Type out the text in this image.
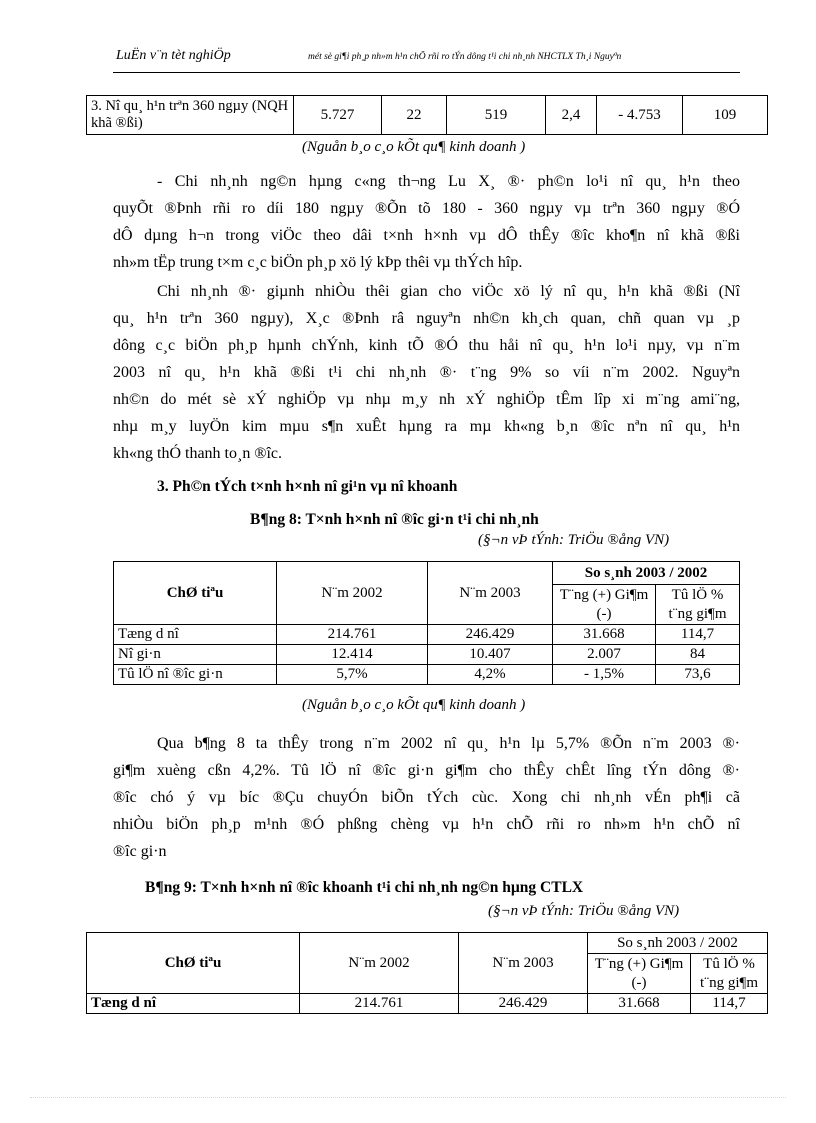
LuËn v¨n tèt nghiÖp	mét sè gi¶i ph¸p nh»m h¹n chÕ rñi ro tÝn dông t¹i chi nh¸nh NHCTLX Th¸i Nguyªn
3. Nî qu¸ h¹n trªn 360 ngµy (NQH khã ®ßi)	5.727	22	519	2,4	- 4.753	109
(Nguån b¸o c¸o kÕt qu¶ kinh doanh )
- Chi nh¸nh ng©n hµng c«ng th¬ng Lu X¸ ®· ph©n lo¹i nî qu¸ h¹n theo
quyÕt ®Þnh rñi ro díi 180 ngµy ®Õn tõ 180 - 360 ngµy vµ trªn 360 ngµy ®Ó
dÔ dµng h¬n trong viÖc theo dâi t×nh h×nh vµ dÔ thÊy ®îc kho¶n nî khã ®ßi
nh»m tËp trung t×m c¸c biÖn ph¸p xö lý kÞp thêi vµ thÝch hîp.
Chi nh¸nh ®· giµnh nhiÒu thêi gian cho viÖc xö lý nî qu¸ h¹n khã ®ßi (Nî
qu¸ h¹n trªn 360 ngµy), X¸c ®Þnh râ nguyªn nh©n kh¸ch quan, chñ quan vµ ¸p
dông c¸c biÖn ph¸p hµnh chÝnh, kinh tÕ ®Ó thu håi nî qu¸ h¹n lo¹i nµy, vµ n¨m
2003 nî qu¸ h¹n khã ®ßi t¹i chi nh¸nh ®· t¨ng 9% so víi n¨m 2002. Nguyªn
nh©n do mét sè xÝ nghiÖp vµ nhµ m¸y nh xÝ nghiÖp tÊm lîp xi m¨ng ami¨ng,
nhµ m¸y luyÖn kim mµu s¶n xuÊt hµng ra mµ kh«ng b¸n ®îc nªn nî qu¸ h¹n
kh«ng thÓ thanh to¸n ®îc.
3. Ph©n tÝch t×nh h×nh nî gi¹n vµ nî khoanh
B¶ng 8: T×nh h×nh nî ®îc gi·n t¹i chi nh¸nh
(§¬n vÞ tÝnh: TriÖu ®ång VN)
ChØ tiªu	N¨m 2002	N¨m 2003	So s¸nh 2003 / 2002	
			T¨ng (+) Gi¶m (-)	Tû lÖ % t¨ng gi¶m
Tæng d nî	214.761	246.429	31.668	114,7
Nî gi·n	12.414	10.407	2.007	84
Tû lÖ nî ®îc gi·n	5,7%	4,2%	- 1,5%	73,6
(Nguån b¸o c¸o kÕt qu¶ kinh doanh )
Qua b¶ng 8 ta thÊy trong n¨m 2002 nî qu¸ h¹n lµ 5,7% ®Õn n¨m 2003 ®·
gi¶m xuèng cßn 4,2%. Tû lÖ nî ®îc gi·n gi¶m cho thÊy chÊt lîng tÝn dông ®·
®îc chó ý vµ bíc ®Çu chuyÓn biÕn tÝch cùc. Xong chi nh¸nh vÉn ph¶i cã
nhiÒu biÖn ph¸p m¹nh ®Ó phßng chèng vµ h¹n chÕ rñi ro nh»m h¹n chÕ nî
®îc gi·n
B¶ng 9: T×nh h×nh nî ®îc khoanh t¹i chi nh¸nh ng©n hµng CTLX
(§¬n vÞ tÝnh: TriÖu ®ång VN)
ChØ tiªu	N¨m 2002	N¨m 2003	So s¸nh 2003 / 2002	
			T¨ng (+) Gi¶m (-)	Tû lÖ % t¨ng gi¶m
Tæng d nî	214.761	246.429	31.668	114,7
